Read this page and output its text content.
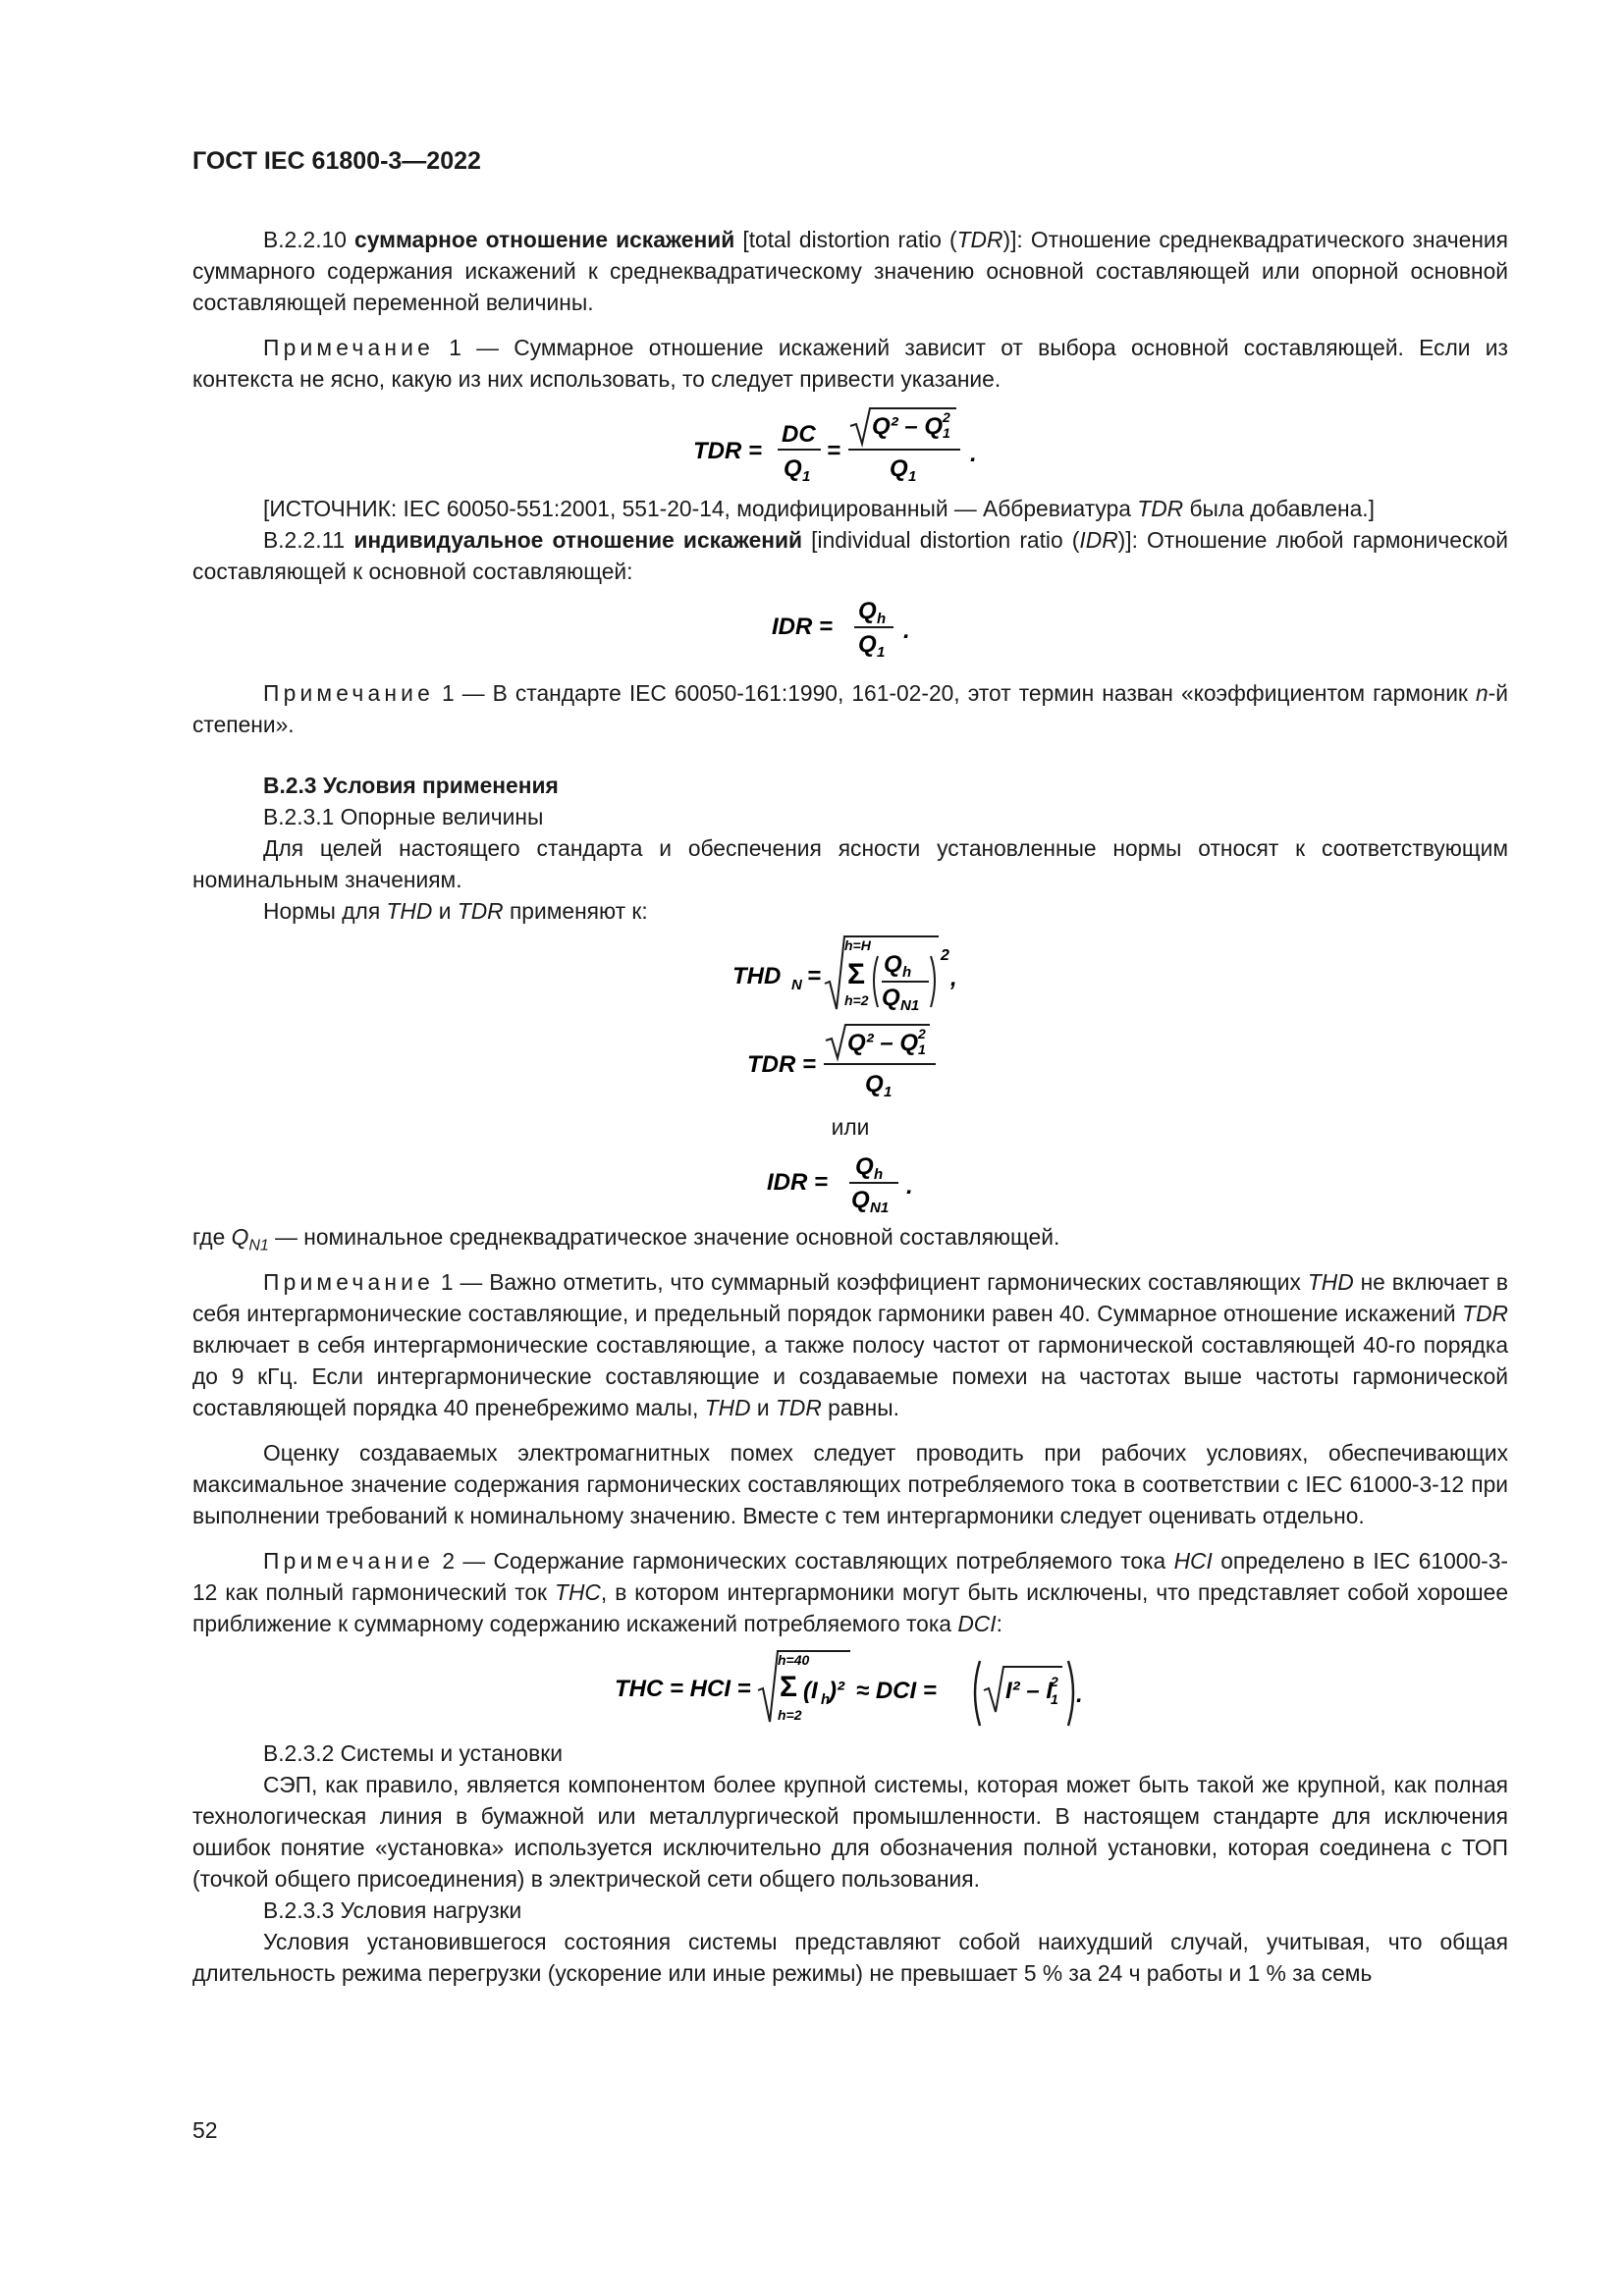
ГОСТ IEC 61800-3—2022

В.2.2.10 суммарное отношение искажений [total distortion ratio (TDR)]: Отношение среднеквадратического значения суммарного содержания искажений к среднеквадратическому значению основной составляющей или опорной основной составляющей переменной величины.

Примечание 1 — Суммарное отношение искажений зависит от выбора основной составляющей. Если из контекста не ясно, какую из них использовать, то следует привести указание.

TDR =
DC
Q 1
=
Q² – Q 1
2
Q 1
.

[ИСТОЧНИК: IEC 60050-551:2001, 551-20-14, модифицированный — Аббревиатура TDR была добавлена.]

В.2.2.11 индивидуальное отношение искажений [individual distortion ratio (IDR)]: Отношение любой гармонической составляющей к основной составляющей:

IDR =
Q h
Q 1
.

Примечание 1 — В стандарте IEC 60050-161:1990, 161-02-20, этот термин назван «коэффициентом гармоник n-й степени».

В.2.3 Условия применения

В.2.3.1 Опорные величины

Для целей настоящего стандарта и обеспечения ясности установленные нормы относят к соответствующим номинальным значениям.

Нормы для THD и TDR применяют к:

THD N =
h=H
Σ
h=2
Q h
Q N1
2
,
TDR =
Q² – Q 1
2
Q 1

или

IDR =
Q h
Q N1
.

где $Q_{N1}$ — номинальное среднеквадратическое значение основной составляющей.

Примечание 1 — Важно отметить, что суммарный коэффициент гармонических составляющих THD не включает в себя интергармонические составляющие, и предельный порядок гармоники равен 40. Суммарное отношение искажений TDR включает в себя интергармонические составляющие, а также полосу частот от гармонической составляющей 40-го порядка до 9 кГц. Если интергармонические составляющие и создаваемые помехи на частотах выше частоты гармонической составляющей порядка 40 пренебрежимо малы, THD и TDR равны.

Оценку создаваемых электромагнитных помех следует проводить при рабочих условиях, обеспечивающих максимальное значение содержания гармонических составляющих потребляемого тока в соответствии с IEC 61000-3-12 при выполнении требований к номинальному значению. Вместе с тем интергармоники следует оценивать отдельно.

Примечание 2 — Содержание гармонических составляющих потребляемого тока HCI определено в IEC 61000-3-12 как полный гармонический ток THC, в котором интергармоники могут быть исключены, что представляет собой хорошее приближение к суммарному содержанию искажений потребляемого тока DCI:

THC = HCI =
h=40
Σ
h=2
(I h
)² ≈ DCI =	I² – I
1
2 .

В.2.3.2 Системы и установки

СЭП, как правило, является компонентом более крупной системы, которая может быть такой же крупной, как полная технологическая линия в бумажной или металлургической промышленности. В настоящем стандарте для исключения ошибок понятие «установка» используется исключительно для обозначения полной установки, которая соединена с ТОП (точкой общего присоединения) в электрической сети общего пользования.

В.2.3.3 Условия нагрузки

Условия установившегося состояния системы представляют собой наихудший случай, учитывая, что общая длительность режима перегрузки (ускорение или иные режимы) не превышает 5 % за 24 ч работы и 1 % за семь

52
